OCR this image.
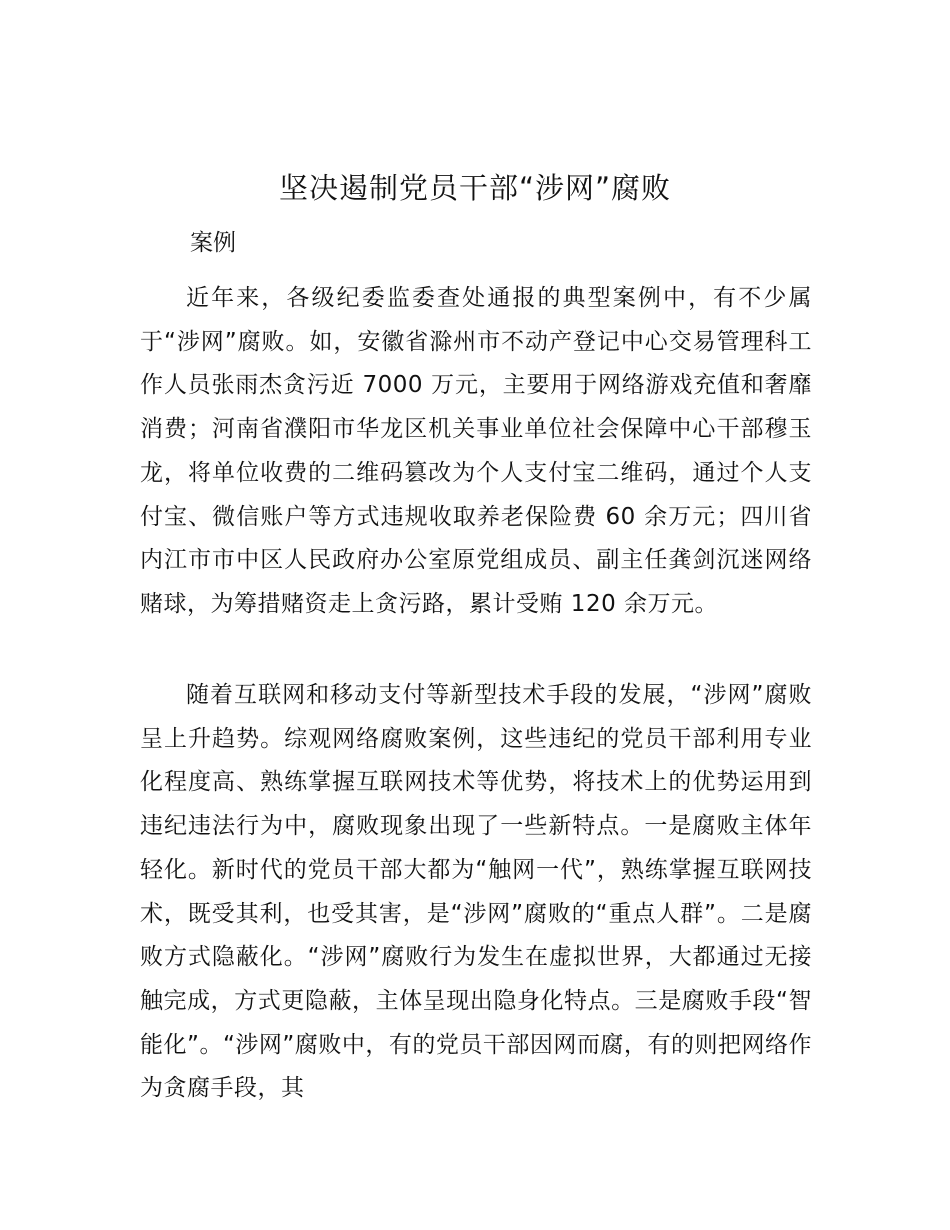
坚决遏制党员干部“涉网”腐败

案例

近年来，各级纪委监委查处通报的典型案例中，有不少属于“涉网”腐败。如，安徽省滁州市不动产登记中心交易管理科工作人员张雨杰贪污近 7000 万元，主要用于网络游戏充值和奢靡消费；河南省濮阳市华龙区机关事业单位社会保障中心干部穆玉龙，将单位收费的二维码篡改为个人支付宝二维码，通过个人支付宝、微信账户等方式违规收取养老保险费 60 余万元；四川省内江市市中区人民政府办公室原党组成员、副主任龚剑沉迷网络赌球，为筹措赌资走上贪污路，累计受贿 120 余万元。

随着互联网和移动支付等新型技术手段的发展，“涉网”腐败呈上升趋势。综观网络腐败案例，这些违纪的党员干部利用专业化程度高、熟练掌握互联网技术等优势，将技术上的优势运用到违纪违法行为中，腐败现象出现了一些新特点。一是腐败主体年轻化。新时代的党员干部大都为“触网一代”，熟练掌握互联网技术，既受其利，也受其害，是“涉网”腐败的“重点人群”。二是腐败方式隐蔽化。“涉网”腐败行为发生在虚拟世界，大都通过无接触完成，方式更隐蔽，主体呈现出隐身化特点。三是腐败手段“智能化”。“涉网”腐败中，有的党员干部因网而腐，有的则把网络作为贪腐手段，其
